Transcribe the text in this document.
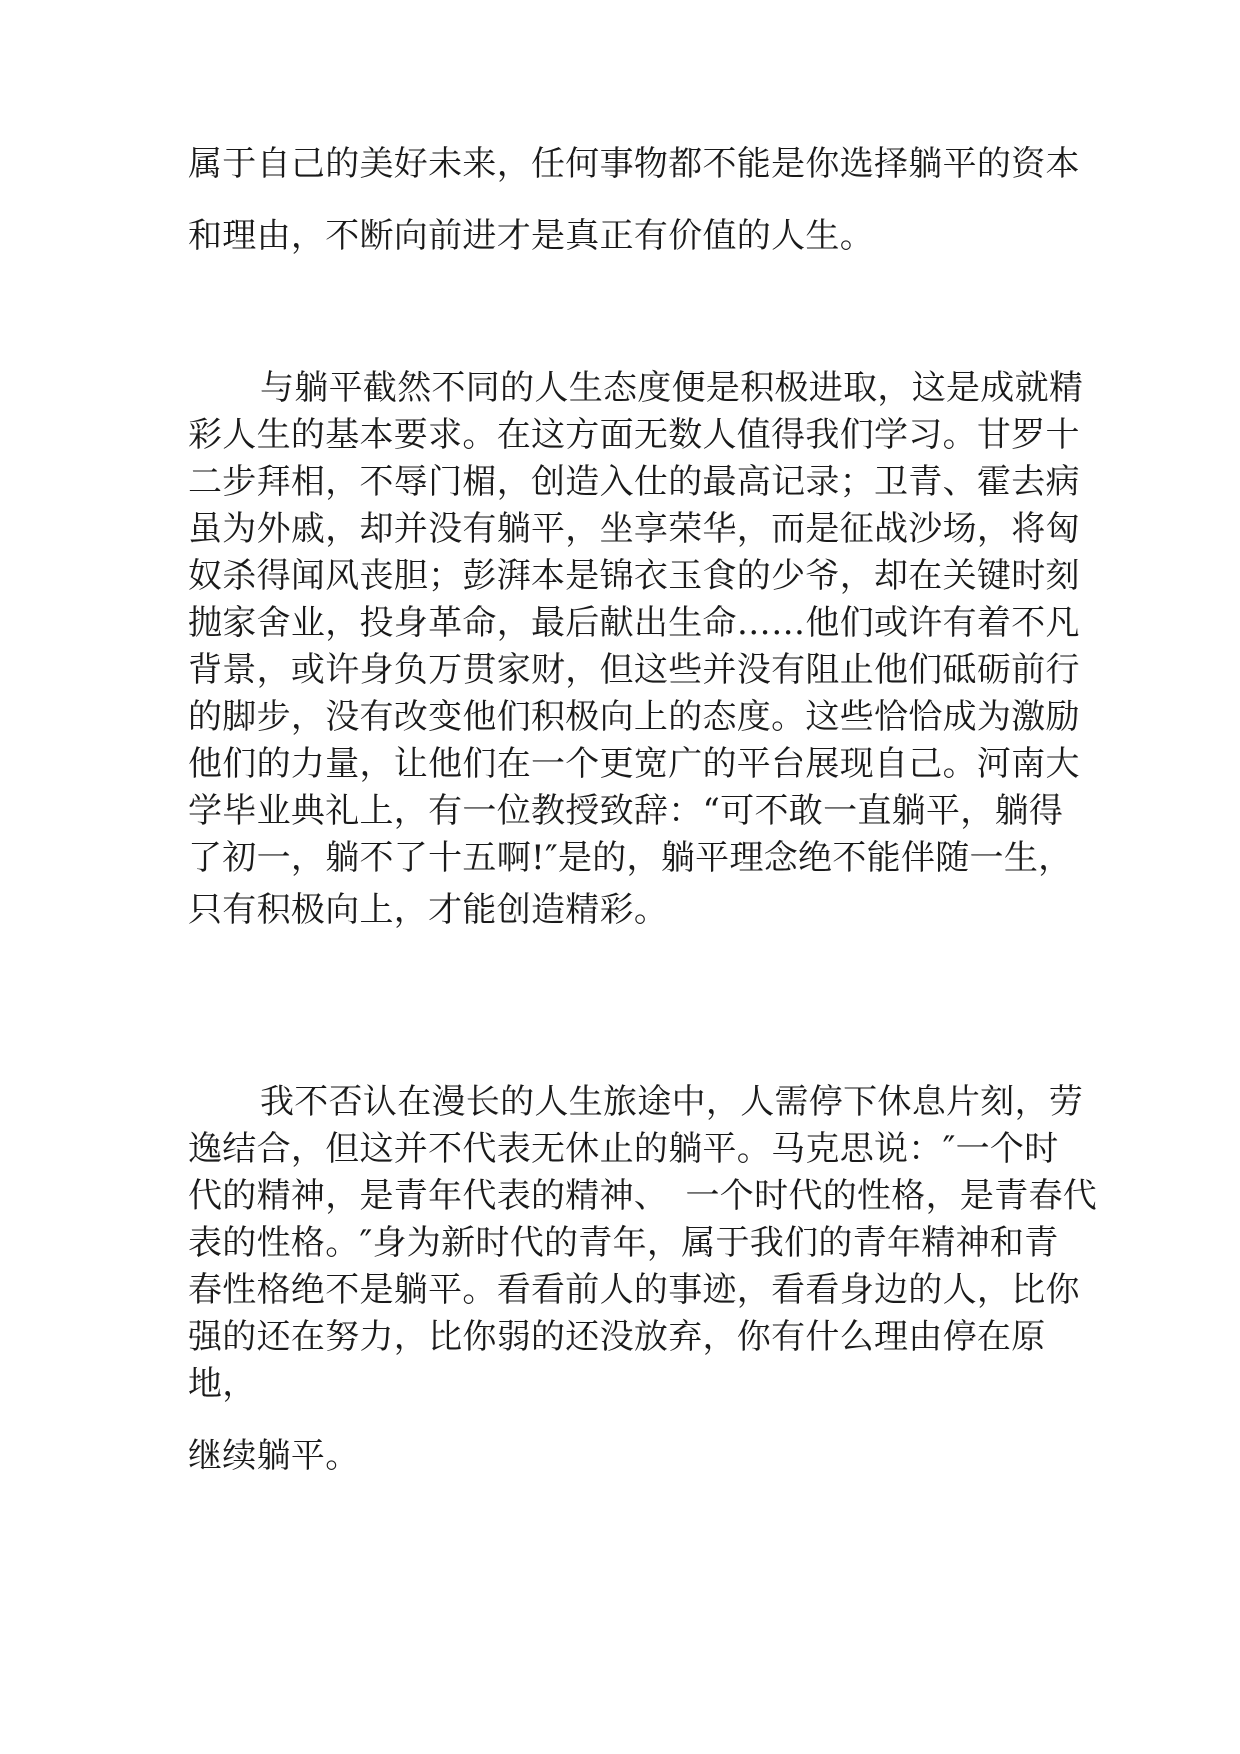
属于自己的美好未来，任何事物都不能是你选择躺平的资本
和理由，不断向前进才是真正有价值的人生。
与躺平截然不同的人生态度便是积极进取，这是成就精
彩人生的基本要求。在这方面无数人值得我们学习。甘罗十
二步拜相，不辱门楣，创造入仕的最高记录；卫青、霍去病
虽为外戚，却并没有躺平，坐享荣华，而是征战沙场，将匈
奴杀得闻风丧胆；彭湃本是锦衣玉食的少爷，却在关键时刻
抛家舍业，投身革命，最后献出生命……他们或许有着不凡
背景，或许身负万贯家财，但这些并没有阻止他们砥砺前行
的脚步，没有改变他们积极向上的态度。这些恰恰成为激励
他们的力量，让他们在一个更宽广的平台展现自己。河南大
学毕业典礼上，有一位教授致辞：“可不敢一直躺平，躺得
了初一，躺不了十五啊!″是的，躺平理念绝不能伴随一生，
只有积极向上，才能创造精彩。
我不否认在漫长的人生旅途中，人需停下休息片刻，劳
逸结合，但这并不代表无休止的躺平。马克思说：″一个时
代的精神，是青年代表的精神、　一个时代的性格，是青春代
表的性格。″身为新时代的青年，属于我们的青年精神和青
春性格绝不是躺平。看看前人的事迹，看看身边的人，比你
强的还在努力，比你弱的还没放弃，你有什么理由停在原
地，
继续躺平。
